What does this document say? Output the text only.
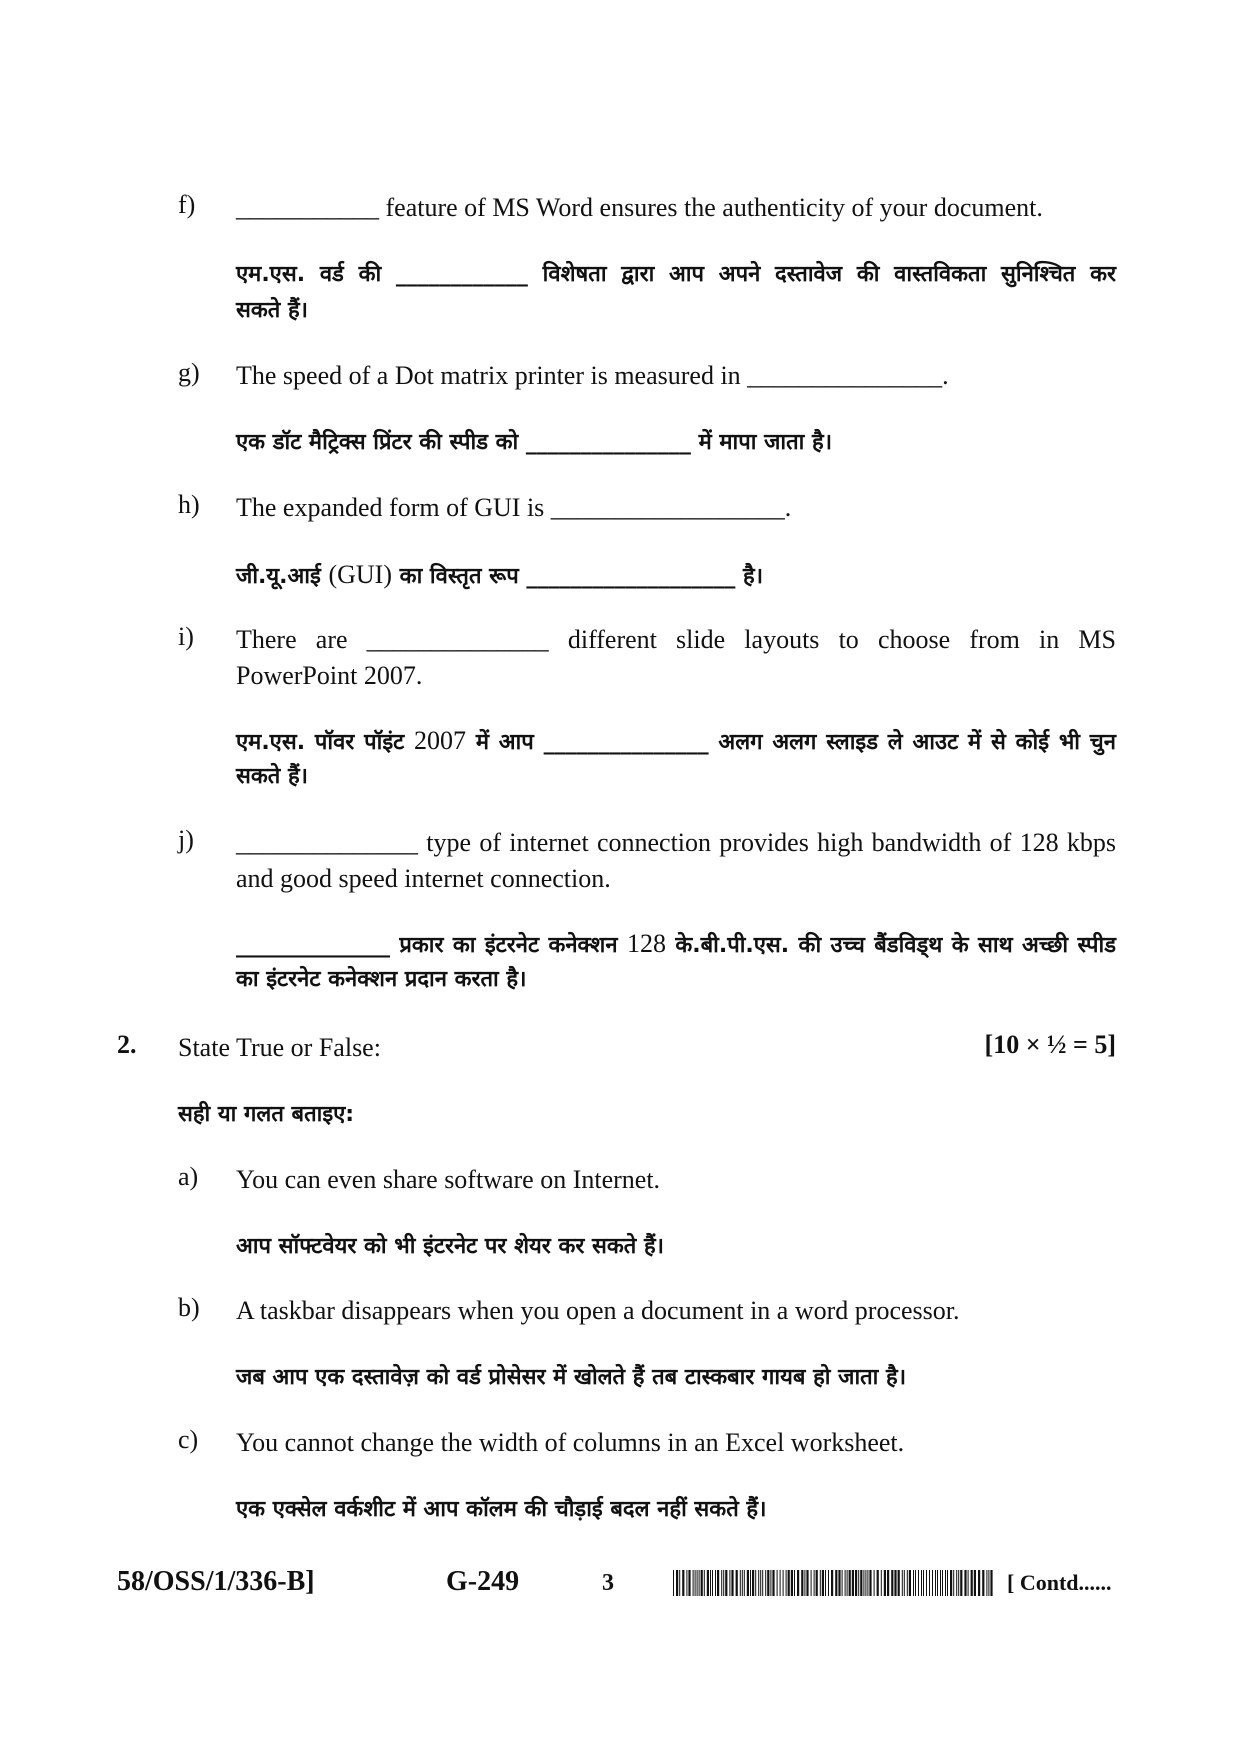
f) ___________ feature of MS Word ensures the authenticity of your document.
एम.एस. वर्ड की ____________ विशेषता द्वारा आप अपने दस्तावेज की वास्तविकता सुनिश्चित कर
सकते हैं।
g) The speed of a Dot matrix printer is measured in _______________.
एक डॉट मैट्रिक्स प्रिंटर की स्पीड को _______________ में मापा जाता है।
h) The expanded form of GUI is __________________.
जी.यू.आई (GUI) का विस्तृत रूप ___________________ है।
i) There are ______________ different slide layouts to choose from in MS PowerPoint 2007.
एम.एस. पॉवर पॉइंट 2007 में आप _______________ अलग अलग स्लाइड ले आउट में से कोई भी चुन सकते हैं।
j) ______________ type of internet connection provides high bandwidth of 128 kbps and good speed internet connection.
______________ प्रकार का इंटरनेट कनेक्शन 128 के.बी.पी.एस. की उच्च बैंडविड्थ के साथ अच्छी स्पीड का इंटरनेट कनेक्शन प्रदान करता है।
2. State True or False:	[10 × ½ = 5]
सही या गलत बताइए:
a) You can even share software on Internet.
आप सॉफ्टवेयर को भी इंटरनेट पर शेयर कर सकते हैं।
b) A taskbar disappears when you open a document in a word processor.
जब आप एक दस्तावेज़ को वर्ड प्रोसेसर में खोलते हैं तब टास्कबार गायब हो जाता है।
c) You cannot change the width of columns in an Excel worksheet.
एक एक्सेल वर्कशीट में आप कॉलम की चौड़ाई बदल नहीं सकते हैं।
58/OSS/1/336-B]	G-249	3	[ Contd......
